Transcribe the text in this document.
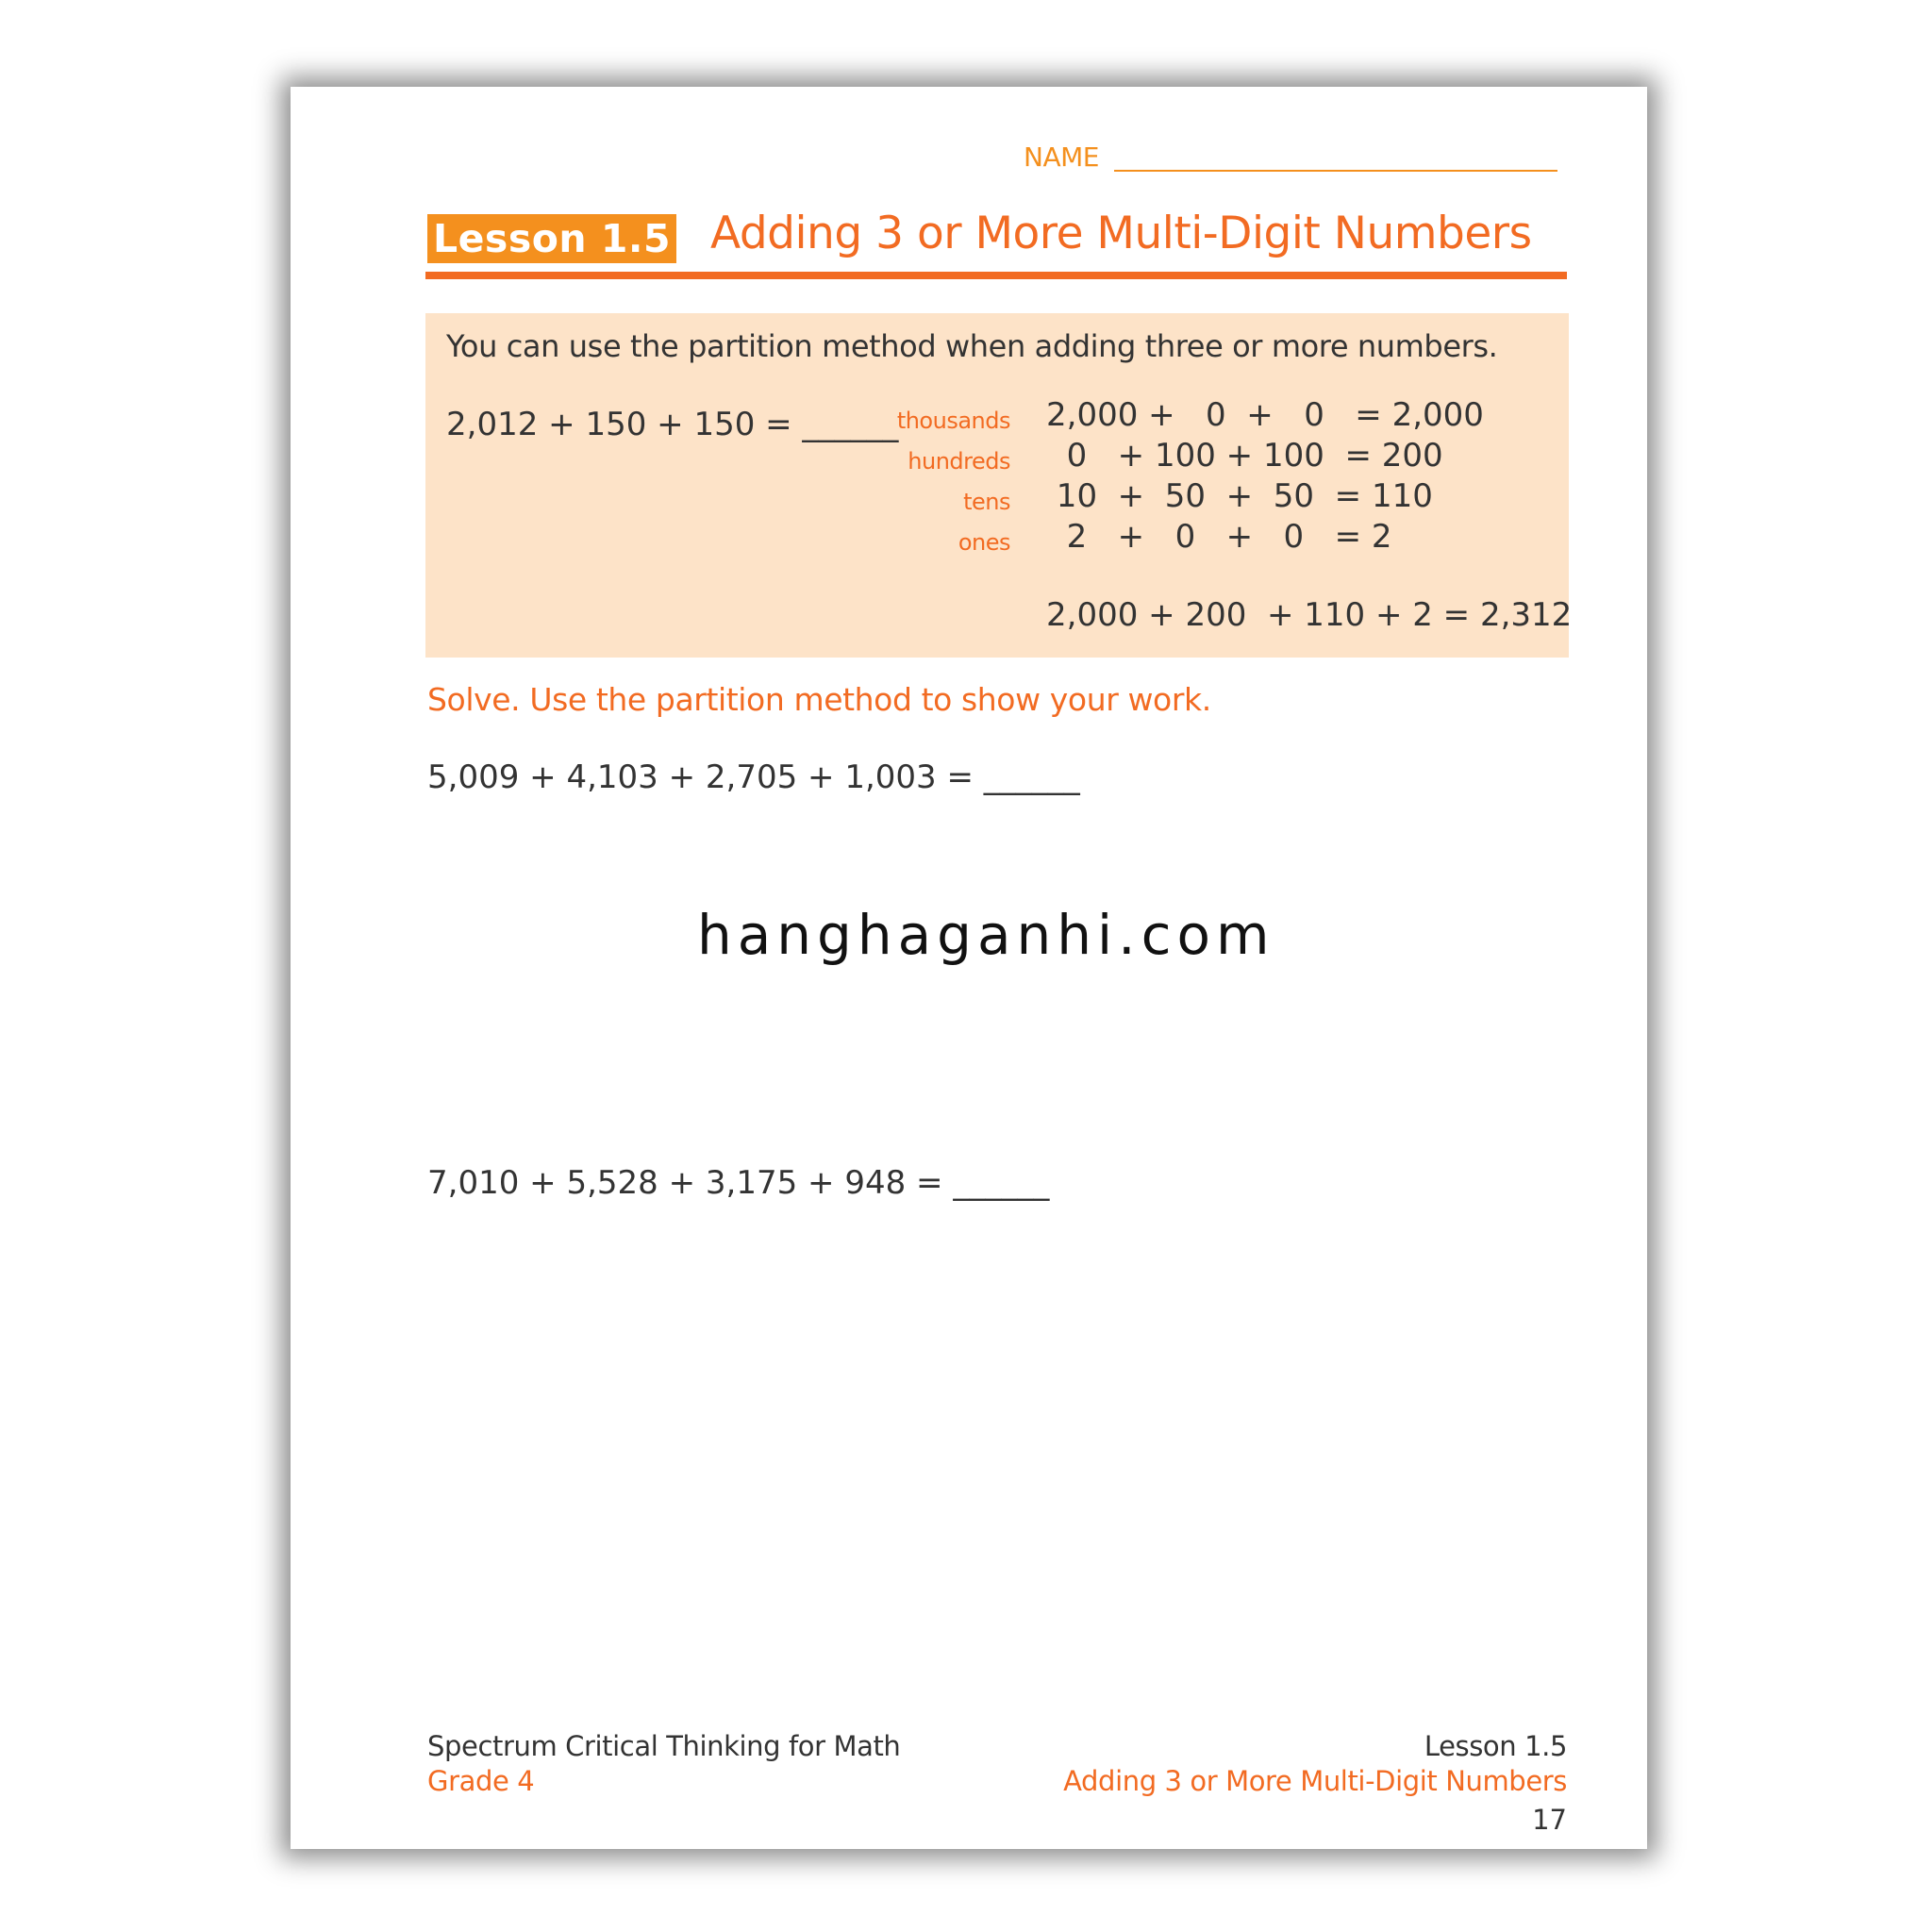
NAME
Lesson 1.5 Adding 3 or More Multi-Digit Numbers
You can use the partition method when adding three or more numbers.
2,012 + 150 + 150 = ______
thousands 2,000 +   0  +   0   = 2,000
hundreds 0   + 100 + 100  = 200
tens 10  +  50  +  50  = 110
ones 2   +   0   +   0   = 2
2,000 + 200  + 110 + 2 = 2,312
Solve. Use the partition method to show your work.
5,009 + 4,103 + 2,705 + 1,003 = ______
hanghaganhi.com
7,010 + 5,528 + 3,175 + 948 = ______
Spectrum Critical Thinking for Math
Grade 4
Lesson 1.5
Adding 3 or More Multi-Digit Numbers
17
